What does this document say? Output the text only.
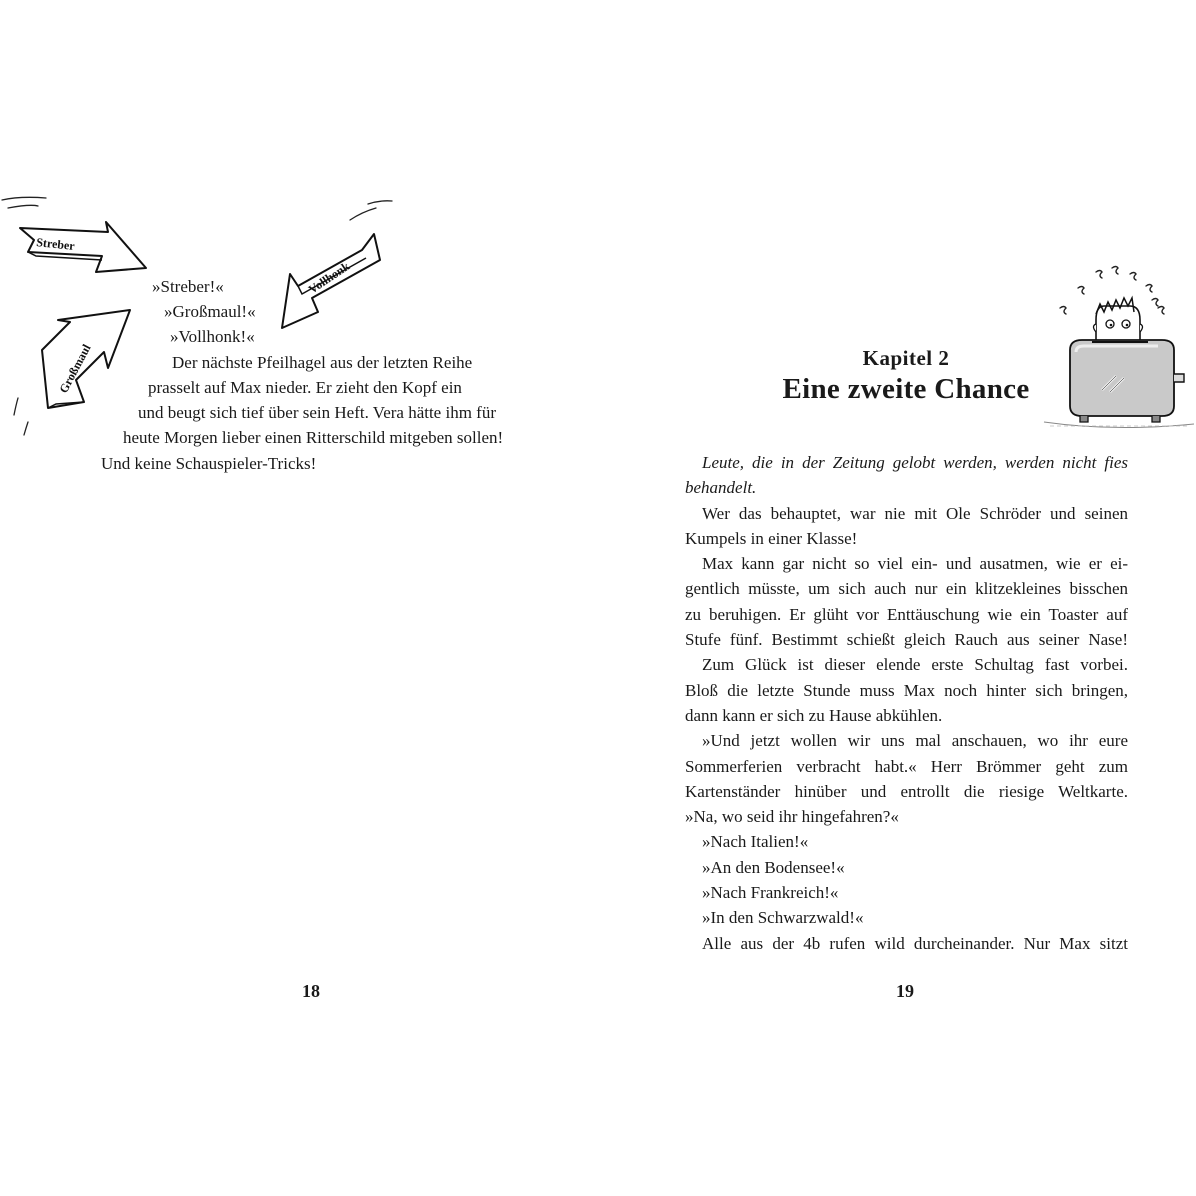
Streber
Vollhonk
Großmaul
»Streber!«
»Großmaul!«
»Vollhonk!«
Der nächste Pfeilhagel aus der letzten Reihe
prasselt auf Max nieder. Er zieht den Kopf ein
und beugt sich tief über sein Heft. Vera hätte ihm für
heute Morgen lieber einen Ritterschild mitgeben sollen!
Und keine Schauspieler-Tricks!
18
Kapitel 2
Eine zweite Chance
Leute, die in der Zeitung gelobt werden, werden nicht fies
behandelt.
Wer das behauptet, war nie mit Ole Schröder und seinen
Kumpels in einer Klasse!
Max kann gar nicht so viel ein- und ausatmen, wie er ei-
gentlich müsste, um sich auch nur ein klitzekleines bisschen
zu beruhigen. Er glüht vor Enttäuschung wie ein Toaster auf
Stufe fünf. Bestimmt schießt gleich Rauch aus seiner Nase!
Zum Glück ist dieser elende erste Schultag fast vorbei.
Bloß die letzte Stunde muss Max noch hinter sich bringen,
dann kann er sich zu Hause abkühlen.
»Und jetzt wollen wir uns mal anschauen, wo ihr eure
Sommerferien verbracht habt.« Herr Brömmer geht zum
Kartenständer hinüber und entrollt die riesige Weltkarte.
»Na, wo seid ihr hingefahren?«
»Nach Italien!«
»An den Bodensee!«
»Nach Frankreich!«
»In den Schwarzwald!«
Alle aus der 4b rufen wild durcheinander. Nur Max sitzt
19
